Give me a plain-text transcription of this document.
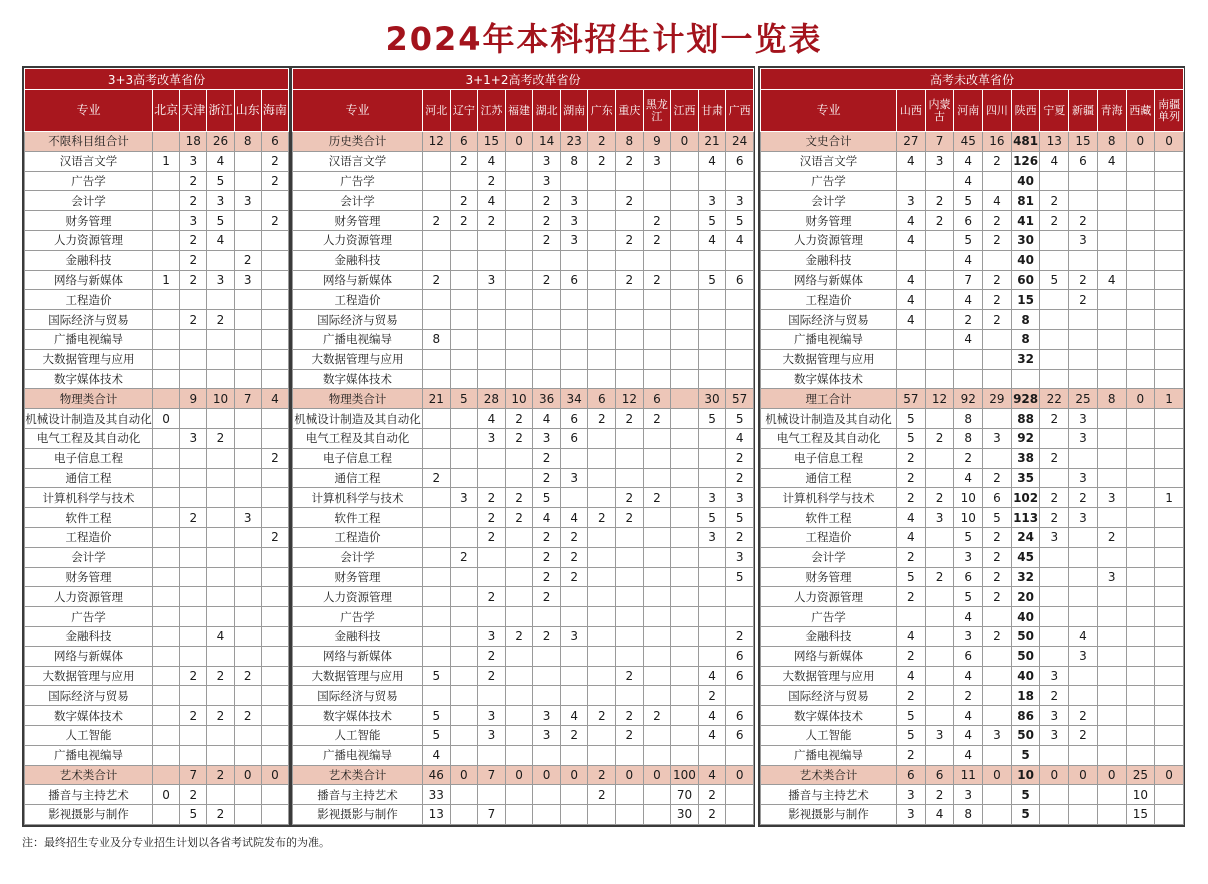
2024年本科招生计划一览表
3+3高考改革省份					
专业	北京	天津	浙江	山东	海南
不限科目组合计		18	26	8	6
汉语言文学	1	3	4		2
广告学		2	5		2
会计学		2	3	3	
财务管理		3	5		2
人力资源管理		2	4		
金融科技		2		2	
网络与新媒体	1	2	3	3	
工程造价					
国际经济与贸易		2	2		
广播电视编导					
大数据管理与应用					
数字媒体技术					
物理类合计		9	10	7	4
机械设计制造及其自动化	0				
电气工程及其自动化		3	2		
电子信息工程					2
通信工程					
计算机科学与技术					
软件工程		2		3	
工程造价					2
会计学					
财务管理					
人力资源管理					
广告学					
金融科技			4		
网络与新媒体					
大数据管理与应用		2	2	2	
国际经济与贸易					
数字媒体技术		2	2	2	
人工智能					
广播电视编导					
艺术类合计		7	2	0	0
播音与主持艺术	0	2			
影视摄影与制作		5	2		
3+1+2高考改革省份												
专业	河北	辽宁	江苏	福建	湖北	湖南	广东	重庆	黑龙江	江西	甘肃	广西
历史类合计	12	6	15	0	14	23	2	8	9	0	21	24
汉语言文学		2	4		3	8	2	2	3		4	6
广告学			2		3							
会计学		2	4		2	3		2			3	3
财务管理	2	2	2		2	3			2		5	5
人力资源管理					2	3		2	2		4	4
金融科技												
网络与新媒体	2		3		2	6		2	2		5	6
工程造价												
国际经济与贸易												
广播电视编导	8											
大数据管理与应用												
数字媒体技术												
物理类合计	21	5	28	10	36	34	6	12	6		30	57
机械设计制造及其自动化			4	2	4	6	2	2	2		5	5
电气工程及其自动化			3	2	3	6						4
电子信息工程					2							2
通信工程	2				2	3						2
计算机科学与技术		3	2	2	5			2	2		3	3
软件工程			2	2	4	4	2	2			5	5
工程造价			2		2	2					3	2
会计学		2			2	2						3
财务管理					2	2						5
人力资源管理			2		2							
广告学												
金融科技			3	2	2	3						2
网络与新媒体			2									6
大数据管理与应用	5		2					2			4	6
国际经济与贸易											2	
数字媒体技术	5		3		3	4	2	2	2		4	6
人工智能	5		3		3	2		2			4	6
广播电视编导	4											
艺术类合计	46	0	7	0	0	0	2	0	0	100	4	0
播音与主持艺术	33						2			70	2	
影视摄影与制作	13		7							30	2	
高考未改革省份										
专业	山西	内蒙古	河南	四川	陕西	宁夏	新疆	青海	西藏	南疆单列
文史合计	27	7	45	16	481	13	15	8	0	0
汉语言文学	4	3	4	2	126	4	6	4		
广告学			4		40					
会计学	3	2	5	4	81	2				
财务管理	4	2	6	2	41	2	2			
人力资源管理	4		5	2	30		3			
金融科技			4		40					
网络与新媒体	4		7	2	60	5	2	4		
工程造价	4		4	2	15		2			
国际经济与贸易	4		2	2	8					
广播电视编导			4		8					
大数据管理与应用					32					
数字媒体技术										
理工合计	57	12	92	29	928	22	25	8	0	1
机械设计制造及其自动化	5		8		88	2	3			
电气工程及其自动化	5	2	8	3	92		3			
电子信息工程	2		2		38	2				
通信工程	2		4	2	35		3			
计算机科学与技术	2	2	10	6	102	2	2	3		1
软件工程	4	3	10	5	113	2	3			
工程造价	4		5	2	24	3		2		
会计学	2		3	2	45					
财务管理	5	2	6	2	32			3		
人力资源管理	2		5	2	20					
广告学			4		40					
金融科技	4		3	2	50		4			
网络与新媒体	2		6		50		3			
大数据管理与应用	4		4		40	3				
国际经济与贸易	2		2		18	2				
数字媒体技术	5		4		86	3	2			
人工智能	5	3	4	3	50	3	2			
广播电视编导	2		4		5					
艺术类合计	6	6	11	0	10	0	0	0	25	0
播音与主持艺术	3	2	3		5				10	
影视摄影与制作	3	4	8		5				15	
注：最终招生专业及分专业招生计划以各省考试院发布的为准。
